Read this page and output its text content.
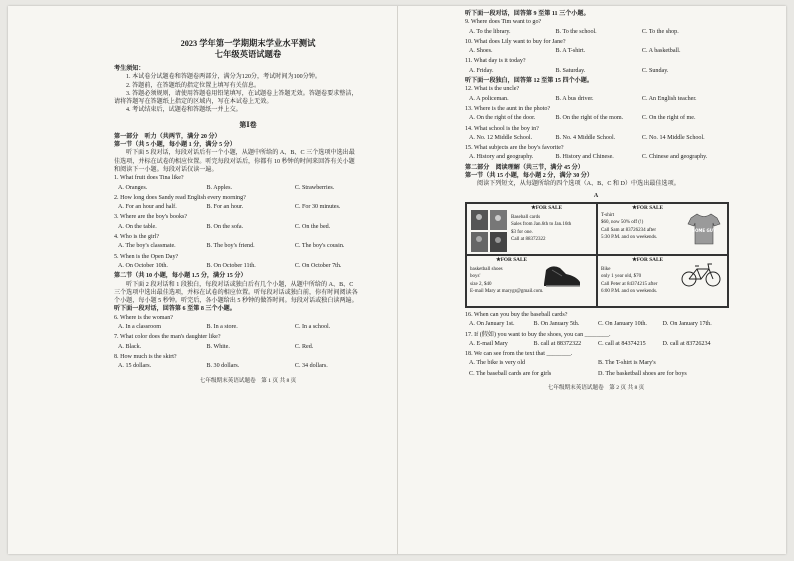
2023 学年第一学期期末学业水平测试
七年级英语试题卷

考生须知：

1. 本试卷分试题卷和答题卷两部分，满分为120分，考试时间为100分钟。

2. 答题前，在答题纸的指定位置上填写有关信息。

3. 答题必须规则，请使用答题卷用铅笔填写，在试题卷上答题无效。答题卷要求整洁，

请将答题写在答题纸上指定的区域内，写在本试卷上无效。

4. 考试结束后，试题卷和答题纸一并上交。

第Ⅰ卷

第一部分　听力（共两节，满分 20 分）

第一节（共 5 小题，每小题 1 分，满分 5 分）

听下面 5 段对话，每段对话后有一个小题，从题中所给的 A、B、C 三个选项中选出最

佳选项，并标在试卷的相应位置。听完每段对话后，你都有 10 秒钟的时间来回答有关小题

和阅读下一小题。每段对话仅读一遍。

1. What fruit does Tina like?

A. Oranges.	B. Apples.	C. Strawberries.

2. How long does Sandy read English every morning?

A. For an hour and half.	B. For an hour.	C. For 30 minutes.

3. Where are the boy's books?

A. On the table.	B. On the sofa.	C. On the bed.

4. Who is the girl?

A. The boy's classmate.	B. The boy's friend.	C. The boy's cousin.

5. When is the Open Day?

A. On October 10th.	B. On October 11th.	C. On October 7th.

第二节（共 10 小题，每小题 1.5 分，满分 15 分）

听下面 2 段对话和 1 段独白，每段对话或独白后有几个小题，从题中所给的 A、B、C

三个选项中选出最佳选项，并标在试卷的相应位置。听每段对话或独白前，你有时间阅读各

个小题，每小题 5 秒钟。听完后，各小题给出 5 秒钟的做答时间。每段对话或独白读两遍。

听下面一段对话，回答第 6 至第 8 三个小题。

6. Where is the woman?

A. In a classroom	B. In a store.	C. In a school.

7. What color does the man's daughter like?

A. Black.	B. White.	C. Red.

8. How much is the skirt?

A. 15 dollars.	B. 30 dollars.	C. 34 dollars.
七年级期末英语试题卷　第 1 页 共 8 页

听下面一段对话，回答第 9 至第 11 三个小题。

9. Where does Tim want to go?

A. To the library.	B. To the school.	C. To the shop.

10. What does Lily want to buy for Jane?

A. Shoes.	B. A T-shirt.	C. A basketball.

11. What day is it today?

A. Friday.	B. Saturday.	C. Sunday.

听下面一段独白，回答第 12 至第 15 四个小题。

12. What is the uncle?

A. A policeman.	B. A bus driver.	C. An English teacher.

13. Where is the aunt in the photo?

A. On the right of the door.	B. On the right of the mom.	C. On the right of me.

14. What school is the boy in?

A. No. 12 Middle School.	B. No. 4 Middle School.	C. No. 14 Middle School.

15. What subjects are the boy's favorite?

A. History and geography.	B. History and Chinese.	C. Chinese and geography.

第二部分　阅读理解（共三节，满分 45 分）

第一节（共 15 小题，每小题 2 分，满分 30 分）

阅读下列短文，从每题所给的四个选项（A、B、C 和 D）中选出最佳选项。

A
★FOR SALE
Baseball cards
Sales from Jan.6th to Jan.16th
$3 for one.
Call at 88372322
★FOR SALE
T-shirt
$60, now 50% off (!)
Call Sam at 83726234 after
5:30 P.M. and on weekends.
SOME GUY
★FOR SALE
basketball shoes
boys'
size 2, $40
E-mail Mary at marygr@gmail.com.
★FOR SALE
Bike
only 1 year old, $70
Call Peter at 84374215 after
6:00 P.M. and on weekends.

16. When can you buy the baseball cards?

A. On January 1st.	B. On January 5th.	C. On January 10th.	D. On January 17th.

17. If (假如) you want to buy the shoes, you can ________.

A. E-mail Mary	B. call at 88372322	C. call at 84374215	D. call at 83726234

18. We can see from the text that ________.

A. The bike is very old	B. The T-shirt is Mary's
C. The baseball cards are for girls	D. The basketball shoes are for boys
七年级期末英语试题卷　第 2 页 共 8 页
